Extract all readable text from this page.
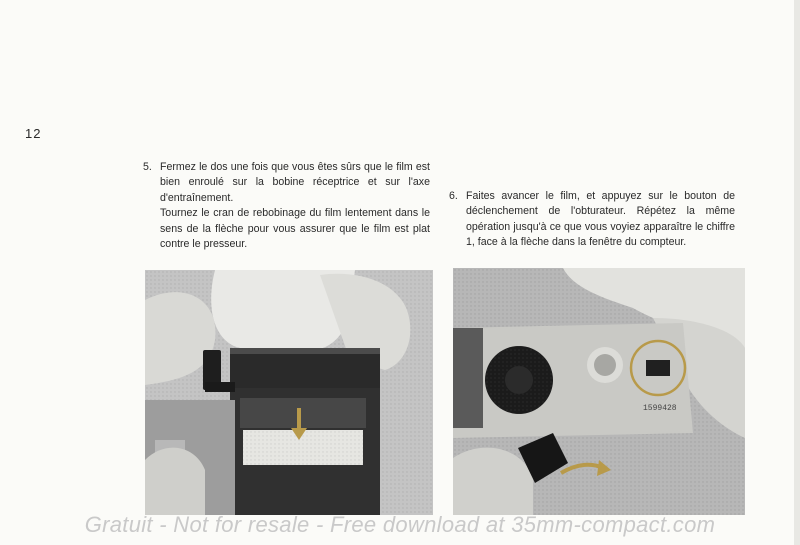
12
5. Fermez le dos une fois que vous êtes sûrs que le film est bien enroulé sur la bobine réceptrice et sur l'axe d'entraînement.

Tournez le cran de rebobinage du film lentement dans le sens de la flèche pour vous assurer que le film est plat contre le presseur.

6. Faites avancer le film, et appuyez sur le bouton de déclenchement de l'obturateur. Répétez la même opération jusqu'à ce que vous voyiez apparaître le chiffre 1, face à la flèche dans la fenêtre du compteur.

1599428
Gratuit - Not for resale - Free download at 35mm-compact.com
